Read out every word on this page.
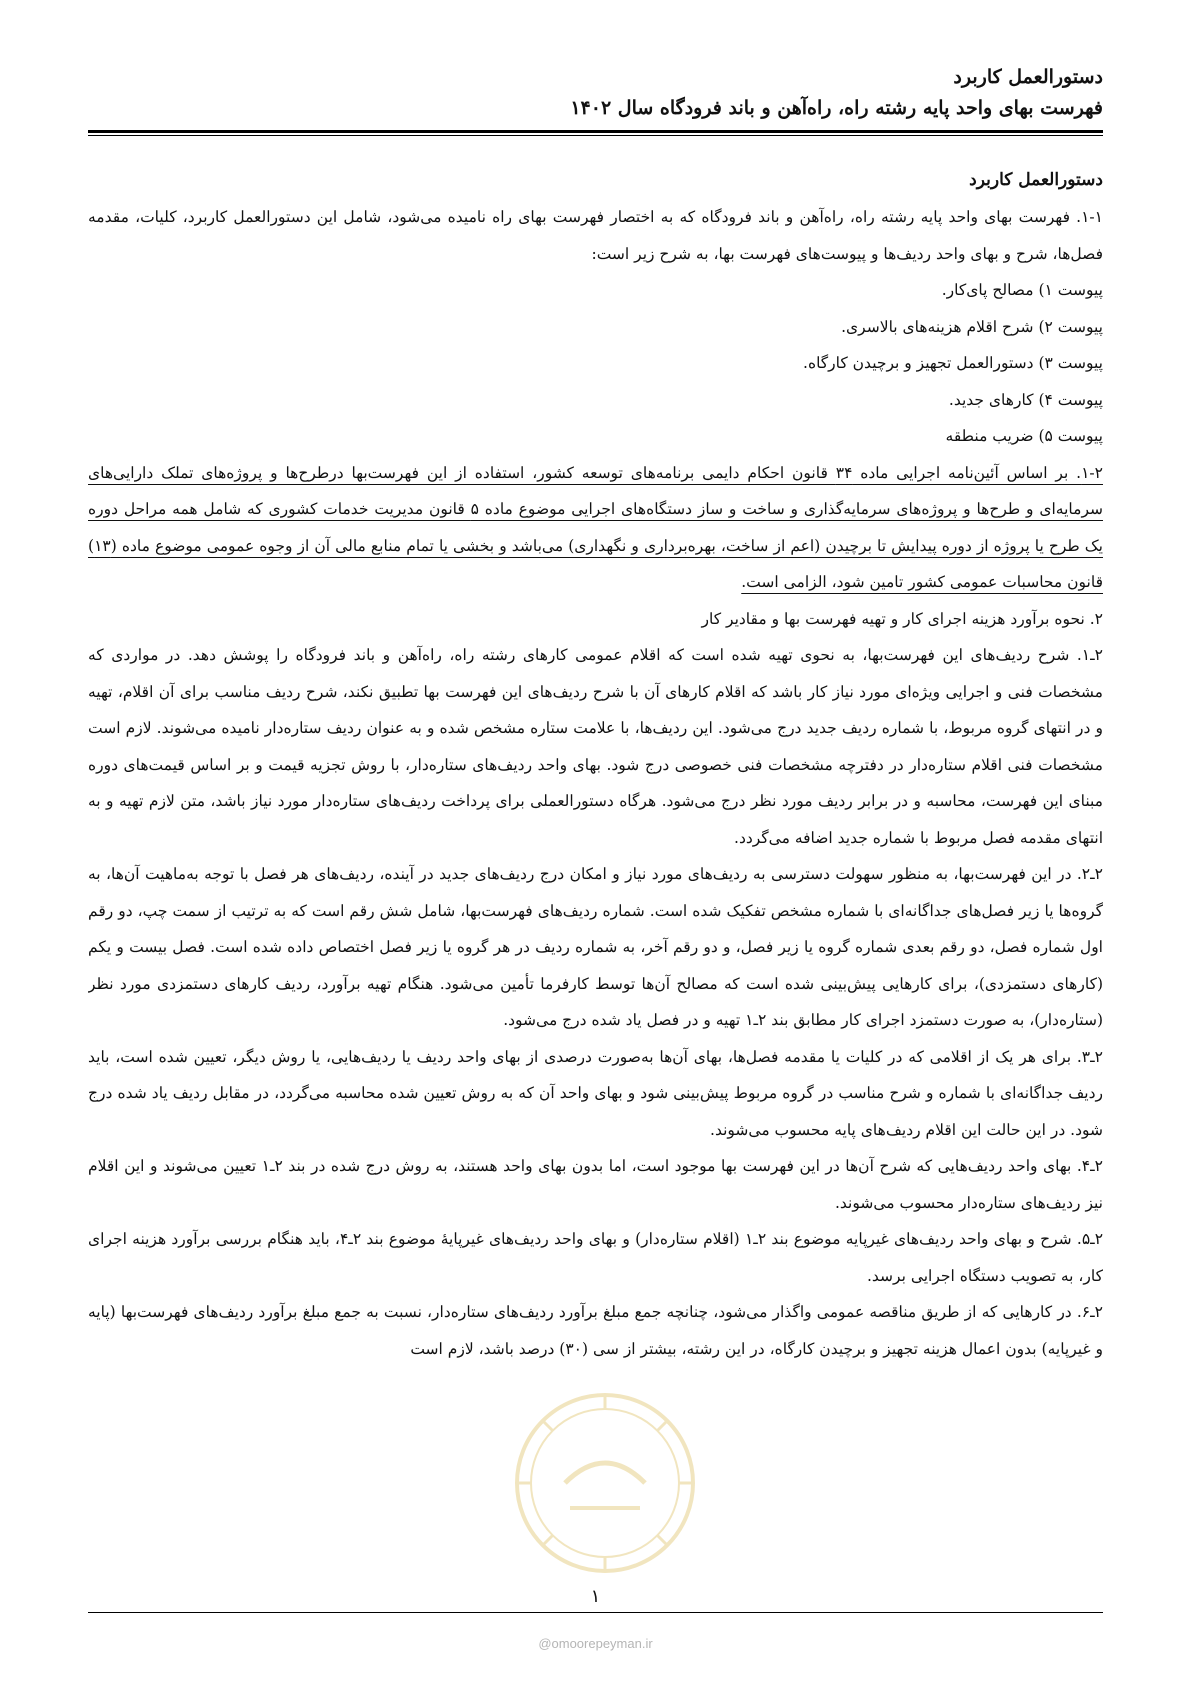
دستورالعمل کاربرد
فهرست بهای واحد پایه رشته راه، راه‌آهن و باند فرودگاه سال ۱۴۰۲

دستورالعمل کاربرد

۱-۱. فهرست بهای واحد پایه رشته راه، راه‌آهن و باند فرودگاه که به اختصار فهرست بهای راه نامیده می‌شود، شامل این دستورالعمل کاربرد، کلیات، مقدمه فصل‌ها، شرح و بهای واحد ردیف‌ها و پیوست‌های فهرست بها، به شرح زیر است:

پیوست ۱) مصالح پای‌کار.

پیوست ۲) شرح اقلام هزینه‌های بالاسری.

پیوست ۳) دستورالعمل تجهیز و برچیدن کارگاه.

پیوست ۴) کارهای جدید.

پیوست ۵) ضریب منطقه

۱-۲. بر اساس آئین‌نامه اجرایی ماده ۳۴ قانون احکام دایمی برنامه‌های توسعه کشور، استفاده از این فهرست‌بها درطرح‌ها و پروژه‌های تملک دارایی‌های سرمایه‌ای و طرح‌ها و پروژه‌های سرمایه‌گذاری و ساخت و ساز دستگاه‌های اجرایی موضوع ماده ۵ قانون مدیریت خدمات کشوری که شامل همه مراحل دوره یک طرح یا پروژه از دوره پیدایش تا برچیدن (اعم از ساخت، بهره‌برداری و نگهداری) می‌باشد و بخشی یا تمام منابع مالی آن از وجوه عمومی موضوع ماده (۱۳) قانون محاسبات عمومی کشور تامین شود، الزامی است.

۲. نحوه برآورد هزینه اجرای کار و تهیه فهرست بها و مقادیر کار

۲ـ۱. شرح ردیف‌های این فهرست‌بها، به نحوی تهیه شده است که اقلام عمومی کارهای رشته راه، راه‌آهن و باند فرودگاه را پوشش دهد. در مواردی که مشخصات فنی و اجرایی ویژه‌ای مورد نیاز کار باشد که اقلام کارهای آن با شرح ردیف‌های این فهرست بها تطبیق نکند، شرح ردیف مناسب برای آن اقلام، تهیه و در انتهای گروه مربوط، با شماره ردیف جدید درج می‌شود. این ردیف‌ها، با علامت ستاره مشخص شده و به عنوان ردیف ستاره‌دار نامیده می‌شوند. لازم است مشخصات فنی اقلام ستاره‌دار در دفترچه مشخصات فنی خصوصی درج شود. بهای واحد ردیف‌های ستاره‌دار، با روش تجزیه قیمت و بر اساس قیمت‌های دوره مبنای این فهرست، محاسبه و در برابر ردیف مورد نظر درج می‌شود. هرگاه دستورالعملی برای پرداخت ردیف‌های ستاره‌دار مورد نیاز باشد، متن لازم تهیه و به انتهای مقدمه فصل مربوط با شماره جدید اضافه می‌گردد.

۲ـ۲. در این فهرست‌بها، به منظور سهولت دسترسی به ردیف‌های مورد نیاز و امکان درج ردیف‌های جدید در آینده، ردیف‌های هر فصل با توجه به‌ماهیت آن‌ها، به گروه‌ها یا زیر فصل‌های جداگانه‌ای با شماره مشخص تفکیک شده است. شماره ردیف‌های فهرست‌بها، شامل شش رقم است که به ترتیب از سمت چپ، دو رقم اول شماره فصل، دو رقم بعدی شماره گروه یا زیر فصل، و دو رقم آخر، به شماره ردیف در هر گروه یا زیر فصل اختصاص داده شده است. فصل بیست و یکم (کارهای دستمزدی)، برای کارهایی پیش‌بینی شده است که مصالح آن‌ها توسط کارفرما تأمین می‌شود. هنگام تهیه برآورد، ردیف کارهای دستمزدی مورد نظر (ستاره‌دار)، به صورت دستمزد اجرای کار مطابق بند ۲ـ۱ تهیه و در فصل یاد شده درج می‌شود.

۲ـ۳. برای هر یک از اقلامی که در کلیات یا مقدمه فصل‌ها، بهای آن‌ها به‌صورت درصدی از بهای واحد ردیف یا ردیف‌هایی، یا روش دیگر، تعیین شده است، باید ردیف جداگانه‌ای با شماره و شرح مناسب در گروه مربوط پیش‌بینی شود و بهای واحد آن که به روش تعیین شده محاسبه می‌گردد، در مقابل ردیف یاد شده درج شود. در این حالت این اقلام ردیف‌های پایه محسوب می‌شوند.

۲ـ۴. بهای واحد ردیف‌هایی که شرح آن‌ها در این فهرست بها موجود است، اما بدون بهای واحد هستند، به روش درج شده در بند ۲ـ۱ تعیین می‌شوند و این اقلام نیز ردیف‌های ستاره‌دار محسوب می‌شوند.

۲ـ۵. شرح و بهای واحد ردیف‌های غیرپایه موضوع بند ۲ـ۱ (اقلام ستاره‌دار) و بهای واحد ردیف‌های غیرپایهٔ موضوع بند ۲ـ۴، باید هنگام بررسی برآورد هزینه اجرای کار، به تصویب دستگاه اجرایی برسد.

۲ـ۶. در کارهایی که از طریق مناقصه عمومی واگذار می‌شود، چنانچه جمع مبلغ برآورد ردیف‌های ستاره‌دار، نسبت به جمع مبلغ برآورد ردیف‌های فهرست‌بها (پایه و غیرپایه) بدون اعمال هزینه تجهیز و برچیدن کارگاه، در این رشته، بیشتر از سی (۳۰) درصد باشد، لازم است

۱
@omoorepeyman.ir
